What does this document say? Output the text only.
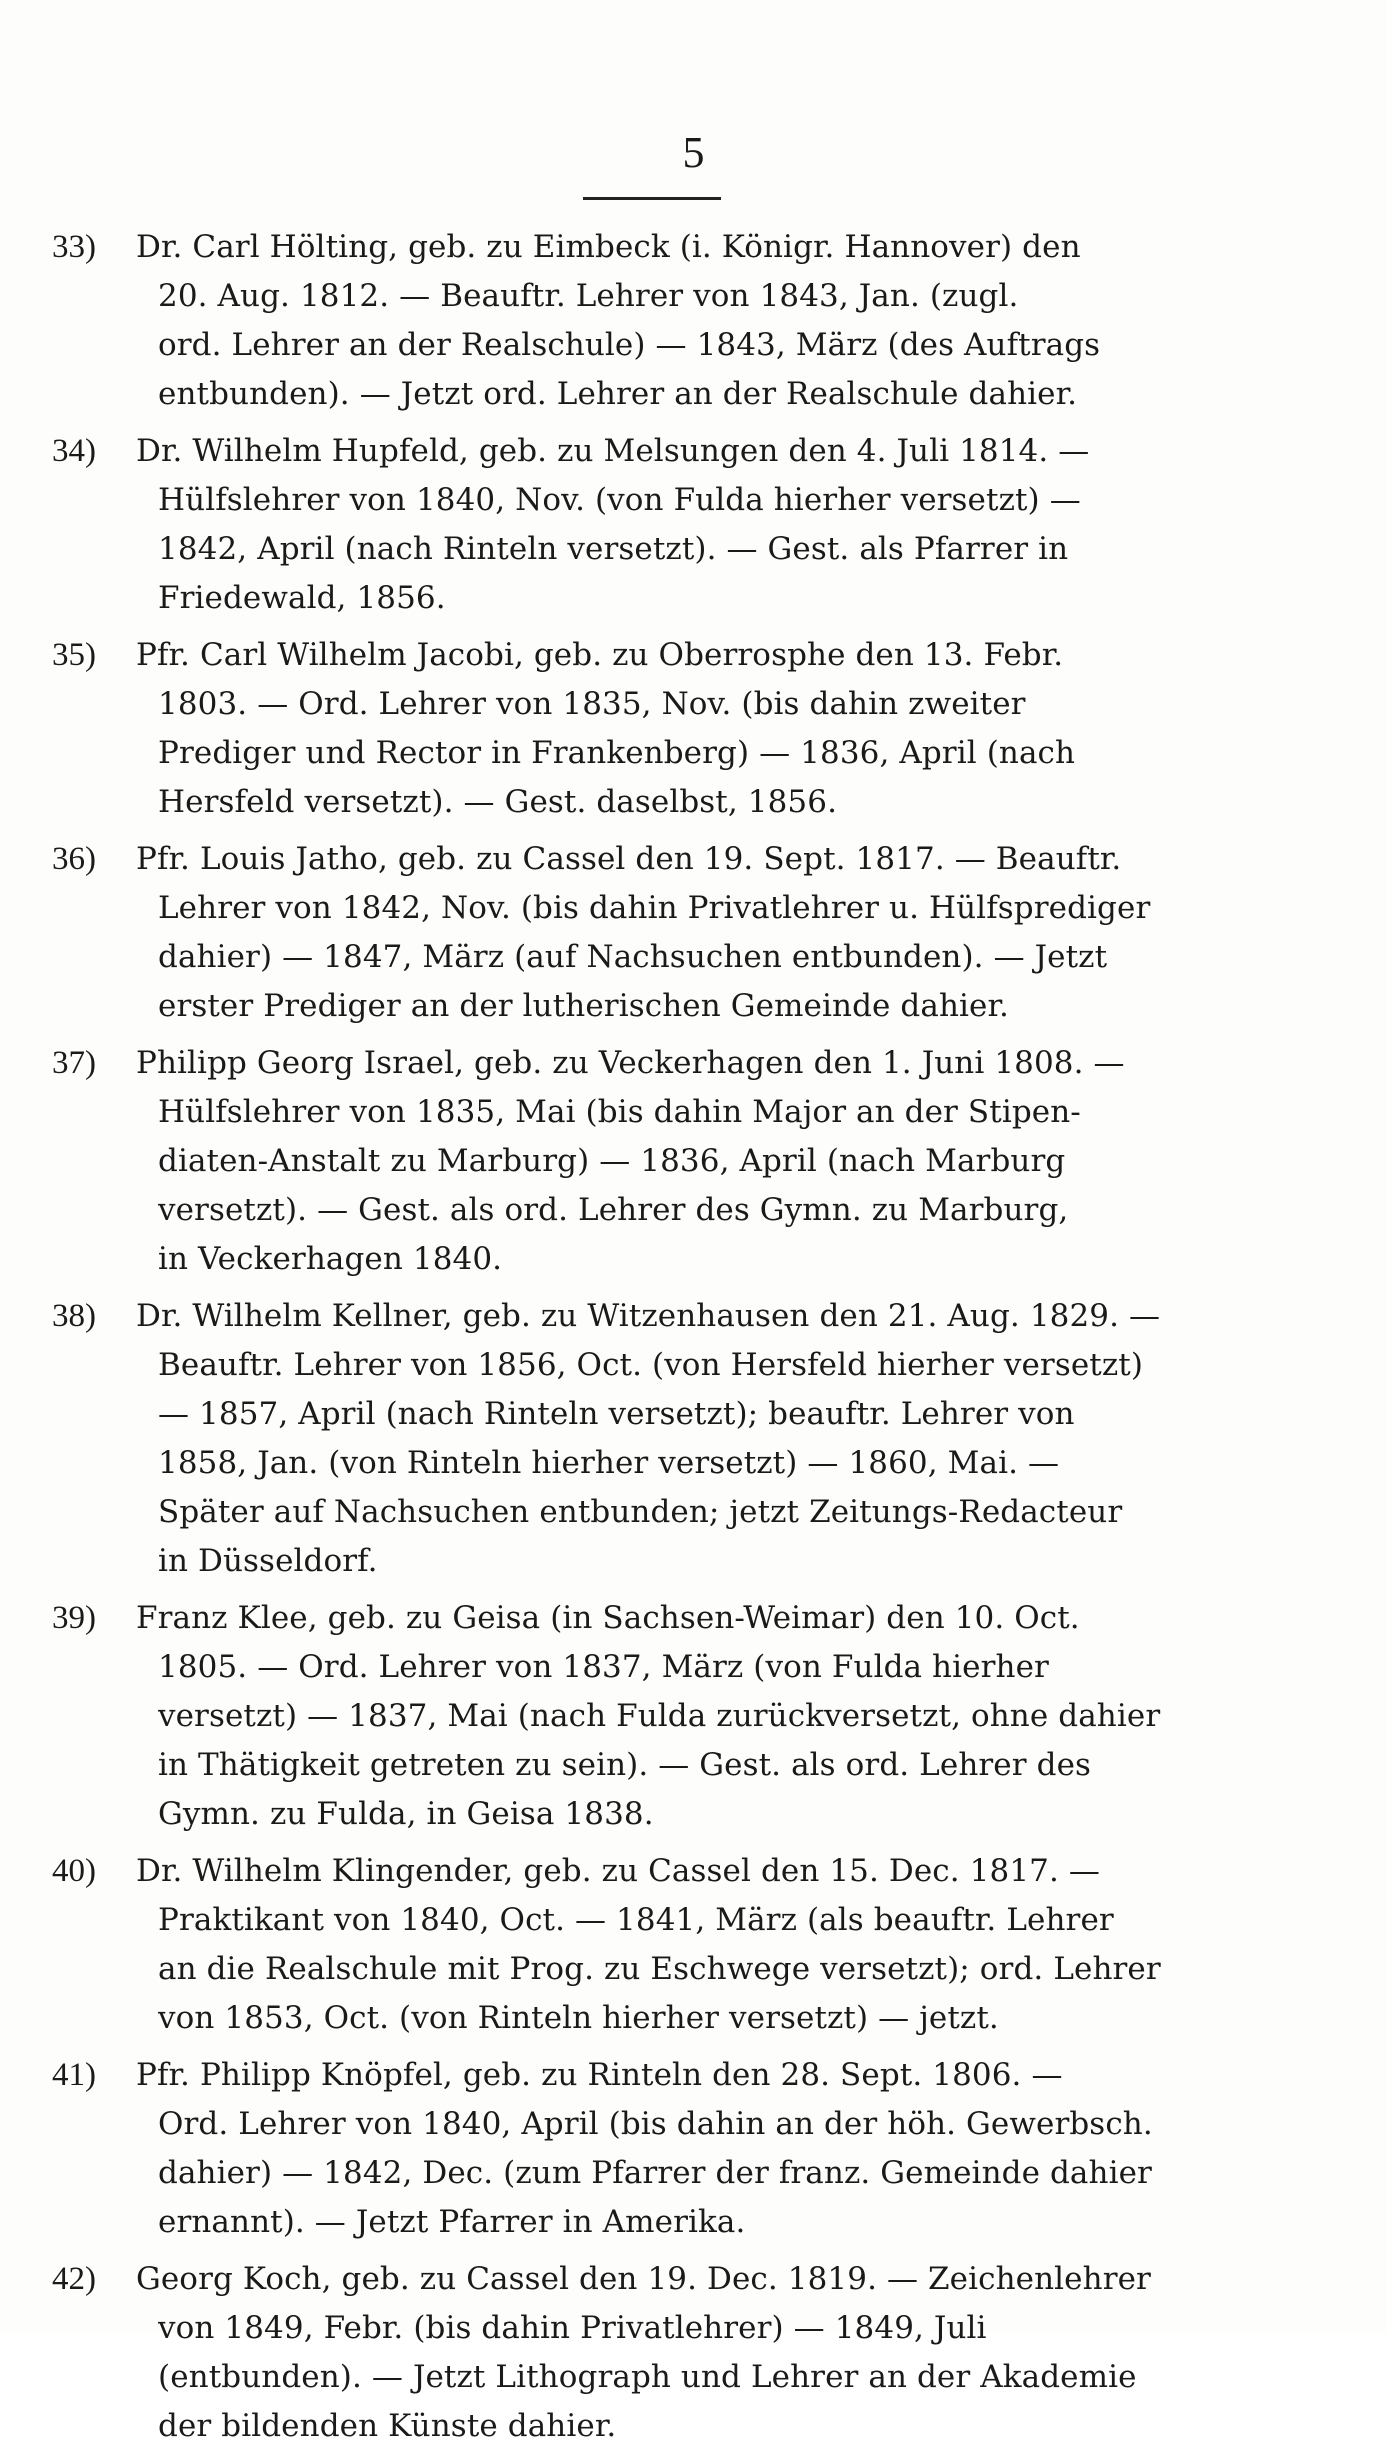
5
33) Dr. Carl Hölting, geb. zu Eimbeck (i. Königr. Hannover) den
20. Aug. 1812. — Beauftr. Lehrer von 1843, Jan. (zugl.
ord. Lehrer an der Realschule) — 1843, März (des Auftrags
entbunden). — Jetzt ord. Lehrer an der Realschule dahier.
34) Dr. Wilhelm Hupfeld, geb. zu Melsungen den 4. Juli 1814. —
Hülfslehrer von 1840, Nov. (von Fulda hierher versetzt) —
1842, April (nach Rinteln versetzt). — Gest. als Pfarrer in
Friedewald, 1856.
35) Pfr. Carl Wilhelm Jacobi, geb. zu Oberrosphe den 13. Febr.
1803. — Ord. Lehrer von 1835, Nov. (bis dahin zweiter
Prediger und Rector in Frankenberg) — 1836, April (nach
Hersfeld versetzt). — Gest. daselbst, 1856.
36) Pfr. Louis Jatho, geb. zu Cassel den 19. Sept. 1817. — Beauftr.
Lehrer von 1842, Nov. (bis dahin Privatlehrer u. Hülfsprediger
dahier) — 1847, März (auf Nachsuchen entbunden). — Jetzt
erster Prediger an der lutherischen Gemeinde dahier.
37) Philipp Georg Israel, geb. zu Veckerhagen den 1. Juni 1808. —
Hülfslehrer von 1835, Mai (bis dahin Major an der Stipen-
diaten-Anstalt zu Marburg) — 1836, April (nach Marburg
versetzt). — Gest. als ord. Lehrer des Gymn. zu Marburg,
in Veckerhagen 1840.
38) Dr. Wilhelm Kellner, geb. zu Witzenhausen den 21. Aug. 1829. —
Beauftr. Lehrer von 1856, Oct. (von Hersfeld hierher versetzt)
— 1857, April (nach Rinteln versetzt); beauftr. Lehrer von
1858, Jan. (von Rinteln hierher versetzt) — 1860, Mai. —
Später auf Nachsuchen entbunden; jetzt Zeitungs-Redacteur
in Düsseldorf.
39) Franz Klee, geb. zu Geisa (in Sachsen-Weimar) den 10. Oct.
1805. — Ord. Lehrer von 1837, März (von Fulda hierher
versetzt) — 1837, Mai (nach Fulda zurückversetzt, ohne dahier
in Thätigkeit getreten zu sein). — Gest. als ord. Lehrer des
Gymn. zu Fulda, in Geisa 1838.
40) Dr. Wilhelm Klingender, geb. zu Cassel den 15. Dec. 1817. —
Praktikant von 1840, Oct. — 1841, März (als beauftr. Lehrer
an die Realschule mit Prog. zu Eschwege versetzt); ord. Lehrer
von 1853, Oct. (von Rinteln hierher versetzt) — jetzt.
41) Pfr. Philipp Knöpfel, geb. zu Rinteln den 28. Sept. 1806. —
Ord. Lehrer von 1840, April (bis dahin an der höh. Gewerbsch.
dahier) — 1842, Dec. (zum Pfarrer der franz. Gemeinde dahier
ernannt). — Jetzt Pfarrer in Amerika.
42) Georg Koch, geb. zu Cassel den 19. Dec. 1819. — Zeichenlehrer
von 1849, Febr. (bis dahin Privatlehrer) — 1849, Juli
(entbunden). — Jetzt Lithograph und Lehrer an der Akademie
der bildenden Künste dahier.
